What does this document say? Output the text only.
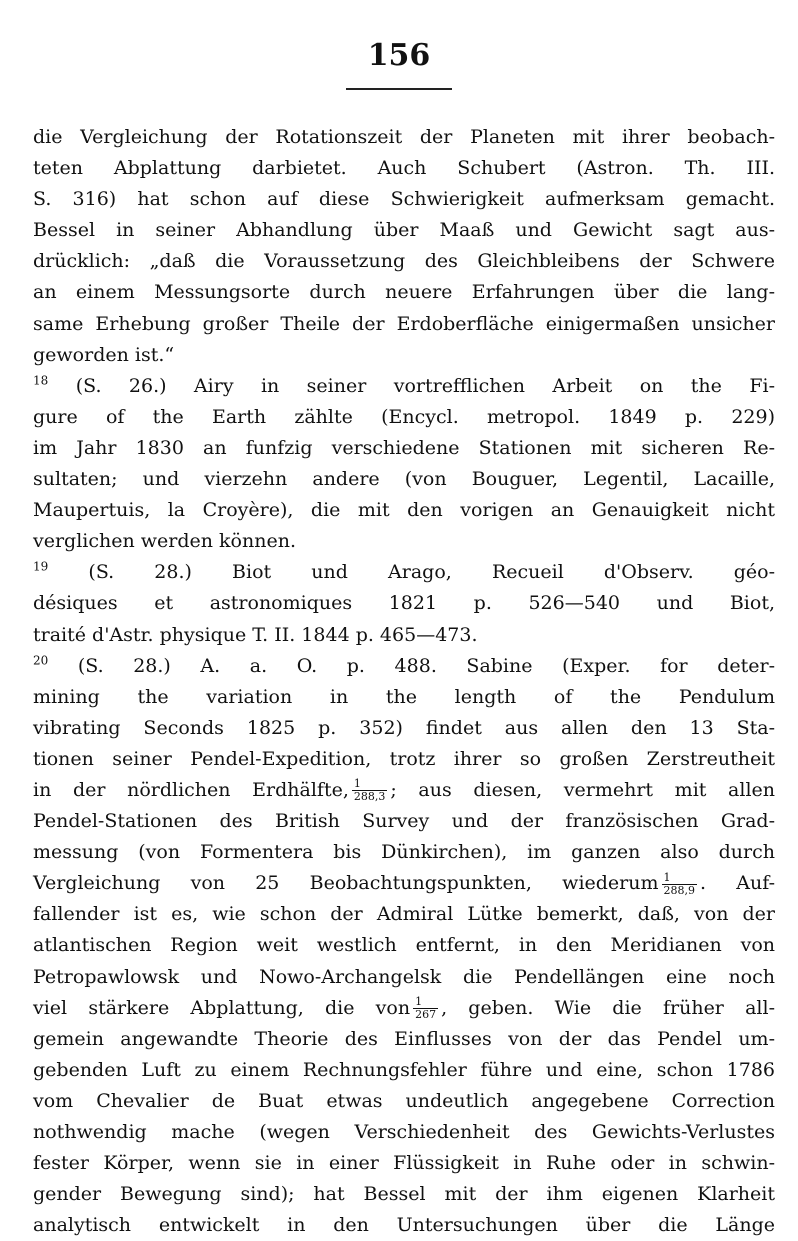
156
die Vergleichung der Rotationszeit der Planeten mit ihrer beobach-
teten Abplattung darbietet. Auch Schubert (Astron. Th. III.
S. 316) hat schon auf diese Schwierigkeit aufmerksam gemacht.
Bessel in seiner Abhandlung über Maaß und Gewicht sagt aus-
drücklich: „daß die Voraussetzung des Gleichbleibens der Schwere
an einem Messungsorte durch neuere Erfahrungen über die lang-
same Erhebung großer Theile der Erdoberfläche einigermaßen unsicher
geworden ist.“
$^{18}$ (S. 26.) Airy in seiner vortrefflichen Arbeit on the Fi-
gure of the Earth zählte (Encycl. metropol. 1849 p. 229)
im Jahr 1830 an funfzig verschiedene Stationen mit sicheren Re-
sultaten; und vierzehn andere (von Bouguer, Legentil, Lacaille,
Maupertuis, la Croyère), die mit den vorigen an Genauigkeit nicht
verglichen werden können.
$^{19}$ (S. 28.) Biot und Arago, Recueil d'Observ. géo-
désiques et astronomiques 1821 p. 526—540 und Biot,
traité d'Astr. physique T. II. 1844 p. 465—473.
$^{20}$ (S. 28.) A. a. O. p. 488. Sabine (Exper. for deter-
mining the variation in the length of the Pendulum
vibrating Seconds 1825 p. 352) findet aus allen den 13 Sta-
tionen seiner Pendel-Expedition, trotz ihrer so großen Zerstreutheit
in der nördlichen Erdhälfte, $\frac{1}{288,3}$ ; aus diesen, vermehrt mit allen
Pendel-Stationen des British Survey und der französischen Grad-
messung (von Formentera bis Dünkirchen), im ganzen also durch
Vergleichung von 25 Beobachtungspunkten, wiederum $\frac{1}{288,9}$ . Auf-
fallender ist es, wie schon der Admiral Lütke bemerkt, daß, von der
atlantischen Region weit westlich entfernt, in den Meridianen von
Petropawlowsk und Nowo-Archangelsk die Pendellängen eine noch
viel stärkere Abplattung, die von $\frac{1}{267}$ , geben. Wie die früher all-
gemein angewandte Theorie des Einflusses von der das Pendel um-
gebenden Luft zu einem Rechnungsfehler führe und eine, schon 1786
vom Chevalier de Buat etwas undeutlich angegebene Correction
nothwendig mache (wegen Verschiedenheit des Gewichts-Verlustes
fester Körper, wenn sie in einer Flüssigkeit in Ruhe oder in schwin-
gender Bewegung sind); hat Bessel mit der ihm eigenen Klarheit
analytisch entwickelt in den Untersuchungen über die Länge
